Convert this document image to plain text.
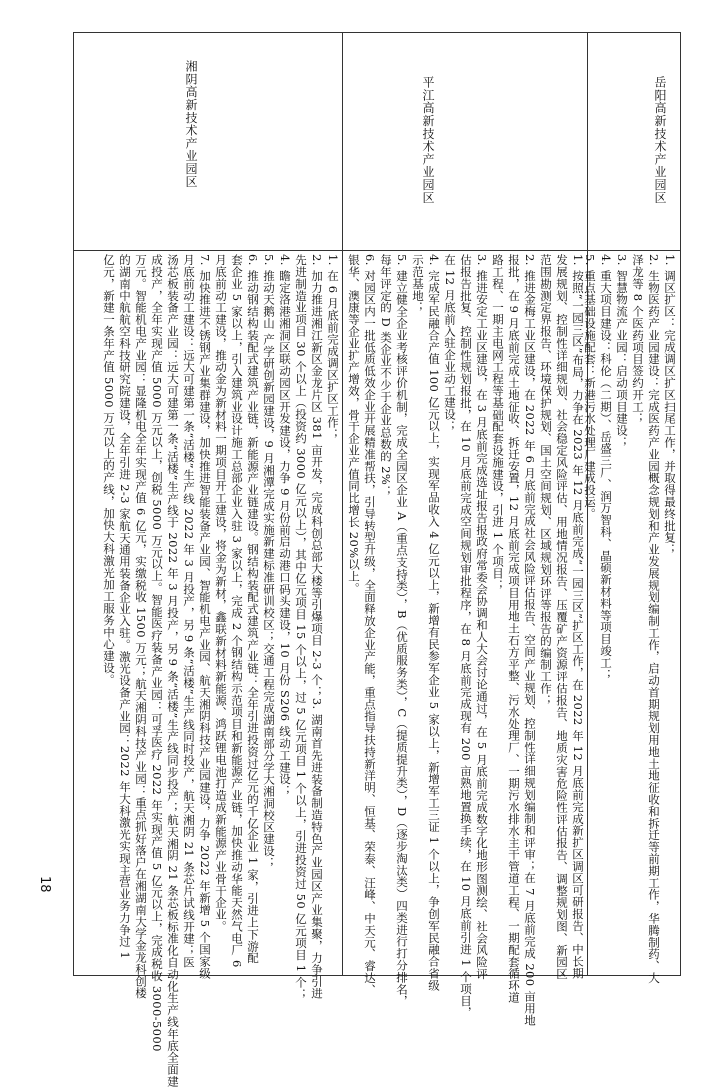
岳阳高新技术产业园区
1. 调区扩区：完成调区扩区扫尾工作，并取得最终批复；
2. 生物医药产业园建设：完成医药产业园概念规划和产业发展规划编制工作，启动首期规划用地土地征收和拆迁等前期工作，华腾制药、大
泽龙等 8 个医药项目签约开工；
3. 智慧物流产业园：启动项目建设；
4. 重大项目建设：科伦（二期）、岳盛三厂、润万智科、晶硕新材料等项目竣工；
5. 重点基础设施配套：新港污水处理厂建成投运。
平江高新技术产业园区
1. 按照“一园三区”布局，力争在 2023 年 12 月底前完成“一园三区”扩区工作，在 2022 年 12 月底前完成新扩区调区可研报告、中长期
发展规划、控制性详细规划、社会稳定风险评估、用地情况报告、压覆矿产资源评估报告、地质灾害危险性评估报告、调整规划图、新园区
范围勘测定界报告、环境保护规划、国土空间规划、区域规划环评等报告的编制工作；
2. 推进金梅工业区建设，在 2022 年 6 月底前完成社会风险评估报告、空间产业规划、控制性详细规划编制和评审；在 7 月底前完成 200 亩用地
报批，在 9 月底前完成土地征收、拆迁安置，12 月底前完成项目用地土石方平整、污水处理厂、一期污水排水主干管道工程、一期配套循环道
路工程、一期主电网工程等基础配套设施建设，引进 1 个项目；
3. 推进安定工业区建设，在 3 月底前完成选址报告报政府常委会协调和人大会讨论通过，在 5 月底前完成数字化地形图测绘、社会风险评
估报告批复、控制性规划报批，在 10 月底前完成空间规划审批程序，在 8 月底前完成现有 200 亩熟地置换手续，在 10 月底前引进 1 个项目，
在 12 月底前入驻企业动工建设；
4. 完成军民融合产值 100 亿元以上，实现军品收入 4 亿元以上，新增有民参军企业 5 家以上，新增军工三证 1 个以上，争创军民融合省级
示范基地；
5. 建立健全企业考核评价机制，完成全园区企业 A（重点支持类），B（优质服务类），C（提质提升类），D（逐步淘汰类）四类进行打分排名，
每年评定的 D 类企业不少于企业总数的 2%；
6. 对园区内一批低质低效企业开展精准帮扶，引导转型升级，全面释放企业产能，重点指导扶持新洋明、恒基、荣泰、汪峰、中天元、睿达、
银华、澳康等企业扩产增效，骨干企业产值同比增长 20%以上。
湘阴高新技术产业园区
1. 在 6 月底前完成调区扩区工作；
2. 加力推进湘江新区金龙片区 381 亩开发，完成科创总部大楼等引爆项目 2-3 个；3. 湖南首先进装备制造特色产业园区产业集聚，力争引进
先进制造业项目 30 个以上（投资约 3000 亿元以上），其中亿元项目 15 个以上，过 5 亿元项目 1 个以上，引进投资过 50 亿元项目 1 个；
4. 瞻定洛港湘洞区联动园区开发建设，力争 9 月份前启动港口码头建设，10 月份 S206 线动工建设；
5. 推动天鹅山 产学研创新园建设，9 月湘潭完成实施新建标准研训校区；交通工程完成湖南部分学大湘洞校区建设；
6. 推动钢结构装配式建筑产业链，新能源产业链建设。钢结构装配式建筑产业链：全年引进投资过亿元的千亿企业 1 家，引进上下游配
套企业 5 家以上，引入建筑业设计施工总部企业入驻 3 家以上，完成 2 个钢结构示范项目和新能源产业链，加快推动华能天然气电厂 6
月底前动工建设，推动金为新材料一期项目开工建设，将金为新材，鑫联新材料新能源、鸿跃锂电池打造成新能源产业骨干企业。
7. 加快推进不锈钢产业集群建设，加快推进智能装备产业园、智能机电产业园、航天湘阴科技产业园建设，力争 2022 年新增 5 个国家级
月底前动工建设：远大可建第一条“活楼”生产线 2022 年 3 月投产，另 9 条“活楼”生产线同时投产，航天湘阴 21 条芯片试线开建；医
汤芯板装备产业园：远大可建第一条“活楼”生产线于 2022 年 3 月投产，另 9 条“活楼”生产线同步投产；航天湘阴 21 条芯板标准化自动化生产线年底全面建
成投产，全年实现产值 5000 万元以上，创税 5000 万元以上。智能医疗装备产业园：可孚医疗 2022 年实现产值 5 亿元以上，完成税收 3000-5000
万元。智能机电产业园：显隆机电全年实现产值 6 亿元，实缴税收 1500 万元；航天湘阴科技产业园：重点抓好落户在湘湖南大学金龙科创楼
的湖南中航航空科技研究院建设，全年引进 2-3 家航天通用装备企业入驻。激光设备产业园：2022 年大科激光实现主营业务力争过 1
亿元，新建一条年产值 5000 万元以上的产线，加快大科激光加工服务中心建设。
18
